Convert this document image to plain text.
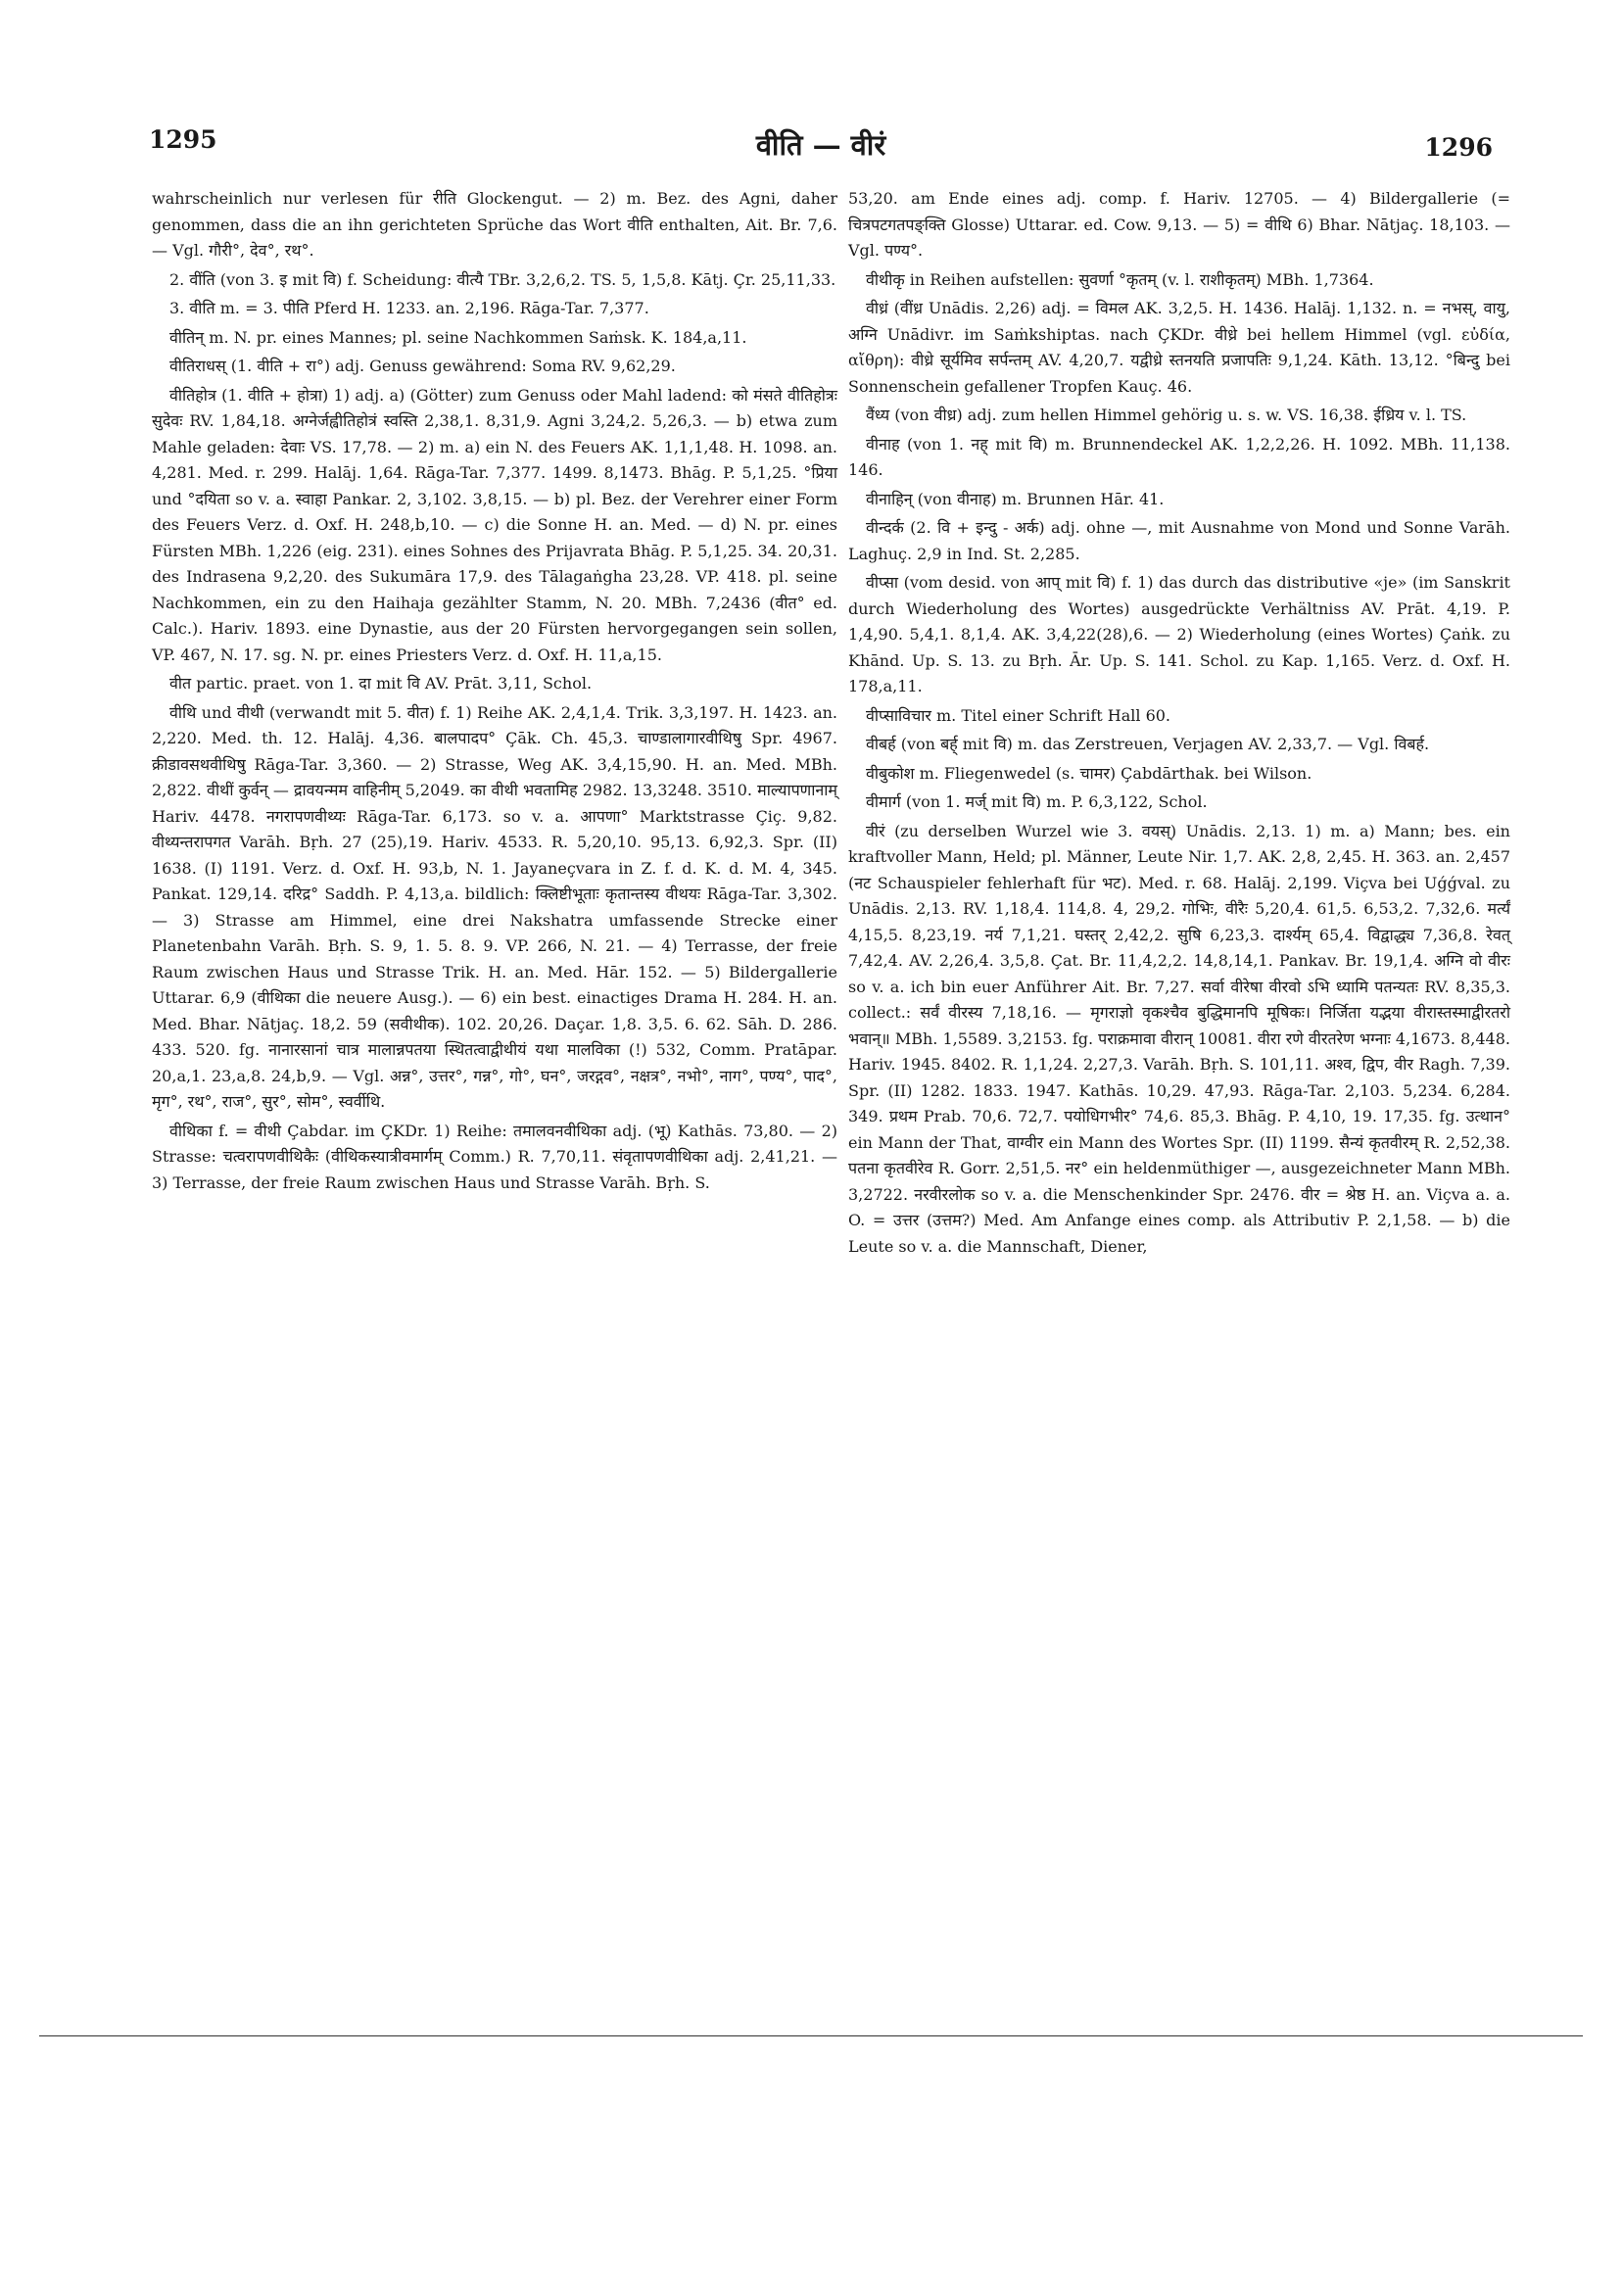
1295	वीति — वीरं	1296

wahrscheinlich nur verlesen für रीति Glockengut. — 2) m. Bez. des Agni, daher genommen, dass die an ihn gerichteten Sprüche das Wort वीति enthalten, Ait. Br. 7,6. — Vgl. गौरी°, देव°, रथ°.

2. वींति (von 3. इ mit वि) f. Scheidung: वीत्यै TBr. 3,2,6,2. TS. 5, 1,5,8. Kātj. Çr. 25,11,33.

3. वीति m. = 3. पीति Pferd H. 1233. an. 2,196. Rāga-Tar. 7,377.

वीतिन् m. N. pr. eines Mannes; pl. seine Nachkommen Saṁsk. K. 184,a,11.

वीतिराधस् (1. वीति + रा°) adj. Genuss gewährend: Soma RV. 9,62,29.

वीतिहोत्र (1. वीति + होत्रा) 1) adj. a) (Götter) zum Genuss oder Mahl ladend: को मंसते वीतिहोत्रः सुदेवः RV. 1,84,18. अग्नेर्जह्वीतिहोत्रं स्वस्ति 2,38,1. 8,31,9. Agni 3,24,2. 5,26,3. — b) etwa zum Mahle geladen: देवाः VS. 17,78. — 2) m. a) ein N. des Feuers AK. 1,1,1,48. H. 1098. an. 4,281. Med. r. 299. Halāj. 1,64. Rāga-Tar. 7,377. 1499. 8,1473. Bhāg. P. 5,1,25. °प्रिया und °दयिता so v. a. स्वाहा Pankar. 2, 3,102. 3,8,15. — b) pl. Bez. der Verehrer einer Form des Feuers Verz. d. Oxf. H. 248,b,10. — c) die Sonne H. an. Med. — d) N. pr. eines Fürsten MBh. 1,226 (eig. 231). eines Sohnes des Prijavrata Bhāg. P. 5,1,25. 34. 20,31. des Indrasena 9,2,20. des Sukumāra 17,9. des Tālagaṅgha 23,28. VP. 418. pl. seine Nachkommen, ein zu den Haihaja gezählter Stamm, N. 20. MBh. 7,2436 (वीत° ed. Calc.). Hariv. 1893. eine Dynastie, aus der 20 Fürsten hervorgegangen sein sollen, VP. 467, N. 17. sg. N. pr. eines Priesters Verz. d. Oxf. H. 11,a,15.

वीत partic. praet. von 1. दा mit वि AV. Prāt. 3,11, Schol.

वीथि und वीथी (verwandt mit 5. वीत) f. 1) Reihe AK. 2,4,1,4. Trik. 3,3,197. H. 1423. an. 2,220. Med. th. 12. Halāj. 4,36. बालपादप° Çāk. Ch. 45,3. चाण्डालागारवीथिषु Spr. 4967. क्रीडावसथवीथिषु Rāga-Tar. 3,360. — 2) Strasse, Weg AK. 3,4,15,90. H. an. Med. MBh. 2,822. वीथीं कुर्वन् — द्रावयन्मम वाहिनीम् 5,2049. का वीथी भवतामिह 2982. 13,3248. 3510. माल्यापणानाम् Hariv. 4478. नगरापणवीथ्यः Rāga-Tar. 6,173. so v. a. आपणा° Marktstrasse Çiç. 9,82. वीथ्यन्तरापगत Varāh. Bṛh. 27 (25),19. Hariv. 4533. R. 5,20,10. 95,13. 6,92,3. Spr. (II) 1638. (I) 1191. Verz. d. Oxf. H. 93,b, N. 1. Jayaneçvara in Z. f. d. K. d. M. 4, 345. Pankat. 129,14. दरिद्र° Saddh. P. 4,13,a. bildlich: क्लिष्टीभूताः कृतान्तस्य वीथयः Rāga-Tar. 3,302. — 3) Strasse am Himmel, eine drei Nakshatra umfassende Strecke einer Planetenbahn Varāh. Bṛh. S. 9, 1. 5. 8. 9. VP. 266, N. 21. — 4) Terrasse, der freie Raum zwischen Haus und Strasse Trik. H. an. Med. Hār. 152. — 5) Bildergallerie Uttarar. 6,9 (वीथिका die neuere Ausg.). — 6) ein best. einactiges Drama H. 284. H. an. Med. Bhar. Nātjaç. 18,2. 59 (सवीथीक). 102. 20,26. Daçar. 1,8. 3,5. 6. 62. Sāh. D. 286. 433. 520. fg. नानारसानां चात्र मालान्नपतया स्थितत्वाद्वीथीयं यथा मालविका (!) 532, Comm. Pratāpar. 20,a,1. 23,a,8. 24,b,9. — Vgl. अन्न°, उत्तर°, गन्न°, गो°, घन°, जरद्गव°, नक्षत्र°, नभो°, नाग°, पण्य°, पाद°, मृग°, रथ°, राज°, सुर°, सोम°, स्वर्वीथि.

वीथिका f. = वीथी Çabdar. im ÇKDr. 1) Reihe: तमालवनवीथिका adj. (भू) Kathās. 73,80. — 2) Strasse: चत्वरापणवीथिकैः (वीथिकस्यात्रीवमार्गम् Comm.) R. 7,70,11. संवृतापणवीथिका adj. 2,41,21. — 3) Terrasse, der freie Raum zwischen Haus und Strasse Varāh. Bṛh. S.

53,20. am Ende eines adj. comp. f. Hariv. 12705. — 4) Bildergallerie (= चित्रपटगतपङ्क्ति Glosse) Uttarar. ed. Cow. 9,13. — 5) = वीथि 6) Bhar. Nātjaç. 18,103. — Vgl. पण्य°.

वीथीकृ in Reihen aufstellen: सुवर्णा °कृतम् (v. l. राशीकृतम्) MBh. 1,7364.

वीध्रं (वींध्र Unādis. 2,26) adj. = विमल AK. 3,2,5. H. 1436. Halāj. 1,132. n. = नभस्, वायु, अग्नि Unādivr. im Saṁkshiptas. nach ÇKDr. वीध्रे bei hellem Himmel (vgl. εὐδία, αἴθρη): वीध्रे सूर्यमिव सर्पन्तम् AV. 4,20,7. यद्वीध्रे स्तनयति प्रजापतिः 9,1,24. Kāth. 13,12. °बिन्दु bei Sonnenschein gefallener Tropfen Kauç. 46.

वैंध्य (von वीध्र) adj. zum hellen Himmel gehörig u. s. w. VS. 16,38. ईध्रिय v. l. TS.

वीनाह (von 1. नह् mit वि) m. Brunnendeckel AK. 1,2,2,26. H. 1092. MBh. 11,138. 146.

वीनाहिन् (von वीनाह) m. Brunnen Hār. 41.

वीन्दर्क (2. वि + इन्दु - अर्क) adj. ohne —, mit Ausnahme von Mond und Sonne Varāh. Laghuç. 2,9 in Ind. St. 2,285.

वीप्सा (vom desid. von आप् mit वि) f. 1) das durch das distributive «je» (im Sanskrit durch Wiederholung des Wortes) ausgedrückte Verhältniss AV. Prāt. 4,19. P. 1,4,90. 5,4,1. 8,1,4. AK. 3,4,22(28),6. — 2) Wiederholung (eines Wortes) Çaṅk. zu Khānd. Up. S. 13. zu Bṛh. Ār. Up. S. 141. Schol. zu Kap. 1,165. Verz. d. Oxf. H. 178,a,11.

वीप्साविचार m. Titel einer Schrift Hall 60.

वीबर्ह (von बर्ह् mit वि) m. das Zerstreuen, Verjagen AV. 2,33,7. — Vgl. विबर्ह.

वीबुकोश m. Fliegenwedel (s. चामर) Çabdārthak. bei Wilson.

वीमार्ग (von 1. मर्ज् mit वि) m. P. 6,3,122, Schol.

वीरं (zu derselben Wurzel wie 3. वयस्) Unādis. 2,13. 1) m. a) Mann; bes. ein kraftvoller Mann, Held; pl. Männer, Leute Nir. 1,7. AK. 2,8, 2,45. H. 363. an. 2,457 (नट Schauspieler fehlerhaft für भट). Med. r. 68. Halāj. 2,199. Viçva bei Uǵǵval. zu Unādis. 2,13. RV. 1,18,4. 114,8. 4, 29,2. गोभिः, वीरैः 5,20,4. 61,5. 6,53,2. 7,32,6. मर्त्यं 4,15,5. 8,23,19. नर्य 7,1,21. घस्तर् 2,42,2. सुषि 6,23,3. दार्श्यम् 65,4. विद्वाद्ध्य 7,36,8. रेवत् 7,42,4. AV. 2,26,4. 3,5,8. Çat. Br. 11,4,2,2. 14,8,14,1. Pankav. Br. 19,1,4. अग्नि वो वीरः so v. a. ich bin euer Anführer Ait. Br. 7,27. सर्वा वीरेषा वीरवो ऽभि ध्यामि पतन्यतः RV. 8,35,3. collect.: सर्वं वीरस्य 7,18,16. — मृगराज्ञो वृकश्चैव बुद्धिमानपि मूषिकः। निर्जिता यद्भया वीरास्तस्माद्वीरतरो भवान्॥ MBh. 1,5589. 3,2153. fg. पराक्रमावा वीरान् 10081. वीरा रणे वीरतरेण भग्नाः 4,1673. 8,448. Hariv. 1945. 8402. R. 1,1,24. 2,27,3. Varāh. Bṛh. S. 101,11. अश्व, द्विप, वीर Ragh. 7,39. Spr. (II) 1282. 1833. 1947. Kathās. 10,29. 47,93. Rāga-Tar. 2,103. 5,234. 6,284. 349. प्रथम Prab. 70,6. 72,7. पयोधिगभीर° 74,6. 85,3. Bhāg. P. 4,10, 19. 17,35. fg. उत्थान° ein Mann der That, वाग्वीर ein Mann des Wortes Spr. (II) 1199. सैन्यं कृतवीरम् R. 2,52,38. पतना कृतवीरेव R. Gorr. 2,51,5. नर° ein heldenmüthiger —, ausgezeichneter Mann MBh. 3,2722. नरवीरलोक so v. a. die Menschenkinder Spr. 2476. वीर = श्रेष्ठ H. an. Viçva a. a. O. = उत्तर (उत्तम?) Med. Am Anfange eines comp. als Attributiv P. 2,1,58. — b) die Leute so v. a. die Mannschaft, Diener,
